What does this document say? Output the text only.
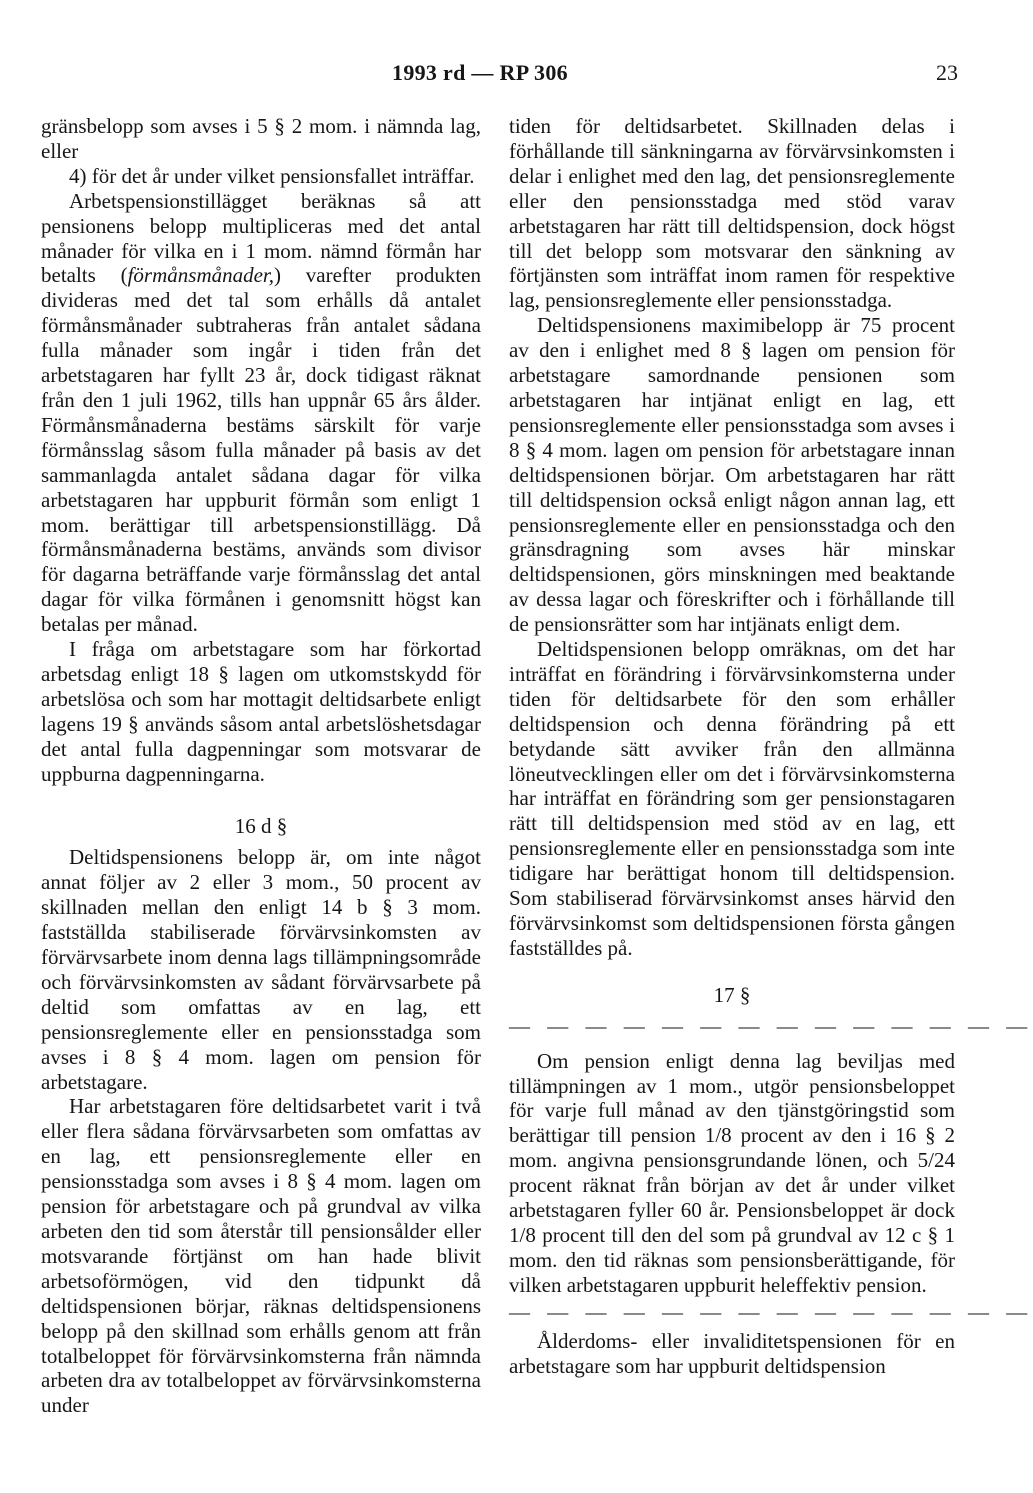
1993 rd — RP 306	23

gränsbelopp som avses i 5 § 2 mom. i nämnda lag, eller

4) för det år under vilket pensionsfallet inträffar.

Arbetspensionstillägget beräknas så att pensionens belopp multipliceras med det antal månader för vilka en i 1 mom. nämnd förmån har betalts (förmånsmånader,) varefter produkten divideras med det tal som erhålls då antalet förmånsmånader subtraheras från antalet sådana fulla månader som ingår i tiden från det arbetstagaren har fyllt 23 år, dock tidigast räknat från den 1 juli 1962, tills han uppnår 65 års ålder. Förmånsmånaderna bestäms särskilt för varje förmånsslag såsom fulla månader på basis av det sammanlagda antalet sådana dagar för vilka arbetstagaren har uppburit förmån som enligt 1 mom. berättigar till arbetspensionstillägg. Då förmånsmånaderna bestäms, används som divisor för dagarna beträffande varje förmånsslag det antal dagar för vilka förmånen i genomsnitt högst kan betalas per månad.

I fråga om arbetstagare som har förkortad arbetsdag enligt 18 § lagen om utkomstskydd för arbetslösa och som har mottagit deltidsarbete enligt lagens 19 § används såsom antal arbetslöshetsdagar det antal fulla dagpenningar som motsvarar de uppburna dagpenningarna.

16 d §

Deltidspensionens belopp är, om inte något annat följer av 2 eller 3 mom., 50 procent av skillnaden mellan den enligt 14 b § 3 mom. fastställda stabiliserade förvärvsinkomsten av förvärvsarbete inom denna lags tillämpningsområde och förvärvsinkomsten av sådant förvärvsarbete på deltid som omfattas av en lag, ett pensionsreglemente eller en pensionsstadga som avses i 8 § 4 mom. lagen om pension för arbetstagare.

Har arbetstagaren före deltidsarbetet varit i två eller flera sådana förvärvsarbeten som omfattas av en lag, ett pensionsreglemente eller en pensionsstadga som avses i 8 § 4 mom. lagen om pension för arbetstagare och på grundval av vilka arbeten den tid som återstår till pensionsålder eller motsvarande förtjänst om han hade blivit arbetsoförmögen, vid den tidpunkt då deltidspensionen börjar, räknas deltidspensionens belopp på den skillnad som erhålls genom att från totalbeloppet för förvärvsinkomsterna från nämnda arbeten dra av totalbeloppet av förvärvsinkomsterna under

tiden för deltidsarbetet. Skillnaden delas i förhållande till sänkningarna av förvärvsinkomsten i delar i enlighet med den lag, det pensionsreglemente eller den pensionsstadga med stöd varav arbetstagaren har rätt till deltidspension, dock högst till det belopp som motsvarar den sänkning av förtjänsten som inträffat inom ramen för respektive lag, pensionsreglemente eller pensionsstadga.

Deltidspensionens maximibelopp är 75 procent av den i enlighet med 8 § lagen om pension för arbetstagare samordnande pensionen som arbetstagaren har intjänat enligt en lag, ett pensionsreglemente eller pensionsstadga som avses i 8 § 4 mom. lagen om pension för arbetstagare innan deltidspensionen börjar. Om arbetstagaren har rätt till deltidspension också enligt någon annan lag, ett pensionsreglemente eller en pensionsstadga och den gränsdragning som avses här minskar deltidspensionen, görs minskningen med beaktande av dessa lagar och föreskrifter och i förhållande till de pensionsrätter som har intjänats enligt dem.

Deltidspensionen belopp omräknas, om det har inträffat en förändring i förvärvsinkomsterna under tiden för deltidsarbete för den som erhåller deltidspension och denna förändring på ett betydande sätt avviker från den allmänna löneutvecklingen eller om det i förvärvsinkomsterna har inträffat en förändring som ger pensionstagaren rätt till deltidspension med stöd av en lag, ett pensionsreglemente eller en pensionsstadga som inte tidigare har berättigat honom till deltidspension. Som stabiliserad förvärvsinkomst anses härvid den förvärvsinkomst som deltidspensionen första gången fastställdes på.

17 §

— — — — — — — — — — — — — —

Om pension enligt denna lag beviljas med tillämpningen av 1 mom., utgör pensionsbeloppet för varje full månad av den tjänstgöringstid som berättigar till pension 1/8 procent av den i 16 § 2 mom. angivna pensionsgrundande lönen, och 5/24 procent räknat från början av det år under vilket arbetstagaren fyller 60 år. Pensionsbeloppet är dock 1/8 procent till den del som på grundval av 12 c § 1 mom. den tid räknas som pensionsberättigande, för vilken arbetstagaren uppburit heleffektiv pension.

— — — — — — — — — — — — — —

Ålderdoms- eller invaliditetspensionen för en arbetstagare som har uppburit deltidspension
